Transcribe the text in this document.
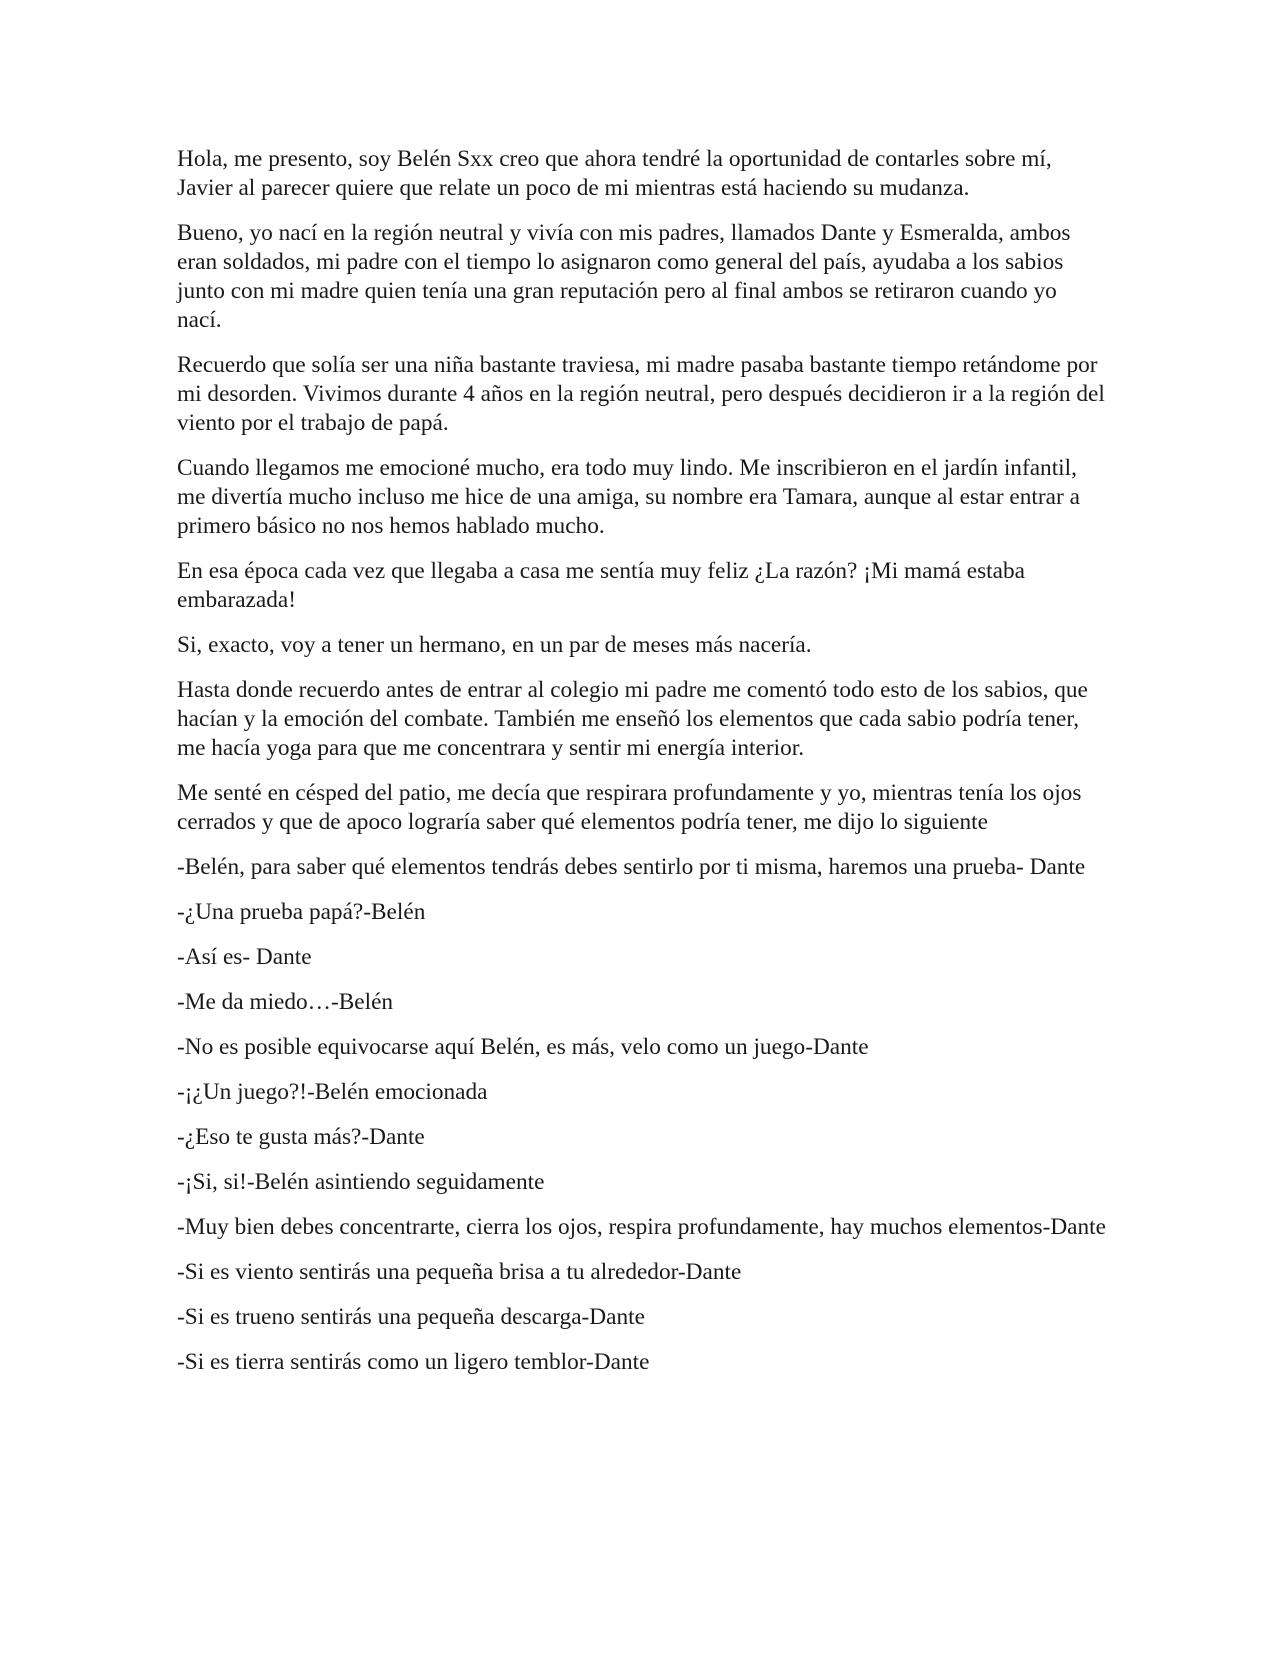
Hola, me presento, soy Belén Sxx creo que ahora tendré la oportunidad de contarles sobre mí, Javier al parecer quiere que relate un poco de mi mientras está haciendo su mudanza.

Bueno, yo nací en la región neutral y vivía con mis padres, llamados Dante y Esmeralda, ambos eran soldados, mi padre con el tiempo lo asignaron como general del país, ayudaba a los sabios junto con mi madre quien tenía una gran reputación pero al final ambos se retiraron cuando yo nací.

Recuerdo que solía ser una niña bastante traviesa, mi madre pasaba bastante tiempo retándome por mi desorden. Vivimos durante 4 años en la región neutral, pero después decidieron ir a la región del viento por el trabajo de papá.

Cuando llegamos me emocioné mucho, era todo muy lindo. Me inscribieron en el jardín infantil, me divertía mucho incluso me hice de una amiga, su nombre era Tamara, aunque al estar entrar a primero básico no nos hemos hablado mucho.

En esa época cada vez que llegaba a casa me sentía muy feliz ¿La razón? ¡Mi mamá estaba embarazada!

Si, exacto, voy a tener un hermano, en un par de meses más nacería.

Hasta donde recuerdo antes de entrar al colegio mi padre me comentó todo esto de los sabios, que hacían y la emoción del combate. También me enseñó los elementos que cada sabio podría tener, me hacía yoga para que me concentrara y sentir mi energía interior.

Me senté en césped del patio, me decía que respirara profundamente y yo, mientras tenía los ojos cerrados y que de apoco lograría saber qué elementos podría tener, me dijo lo siguiente

-Belén, para saber qué elementos tendrás debes sentirlo por ti misma, haremos una prueba- Dante

-¿Una prueba papá?-Belén

-Así es- Dante

-Me da miedo…-Belén

-No es posible equivocarse aquí Belén, es más, velo como un juego-Dante

-¡¿Un juego?!-Belén emocionada

-¿Eso te gusta más?-Dante

-¡Si, si!-Belén asintiendo seguidamente

-Muy bien debes concentrarte, cierra los ojos, respira profundamente, hay muchos elementos-Dante

-Si es viento sentirás una pequeña brisa a tu alrededor-Dante

-Si es trueno sentirás una pequeña descarga-Dante

-Si es tierra sentirás como un ligero temblor-Dante
